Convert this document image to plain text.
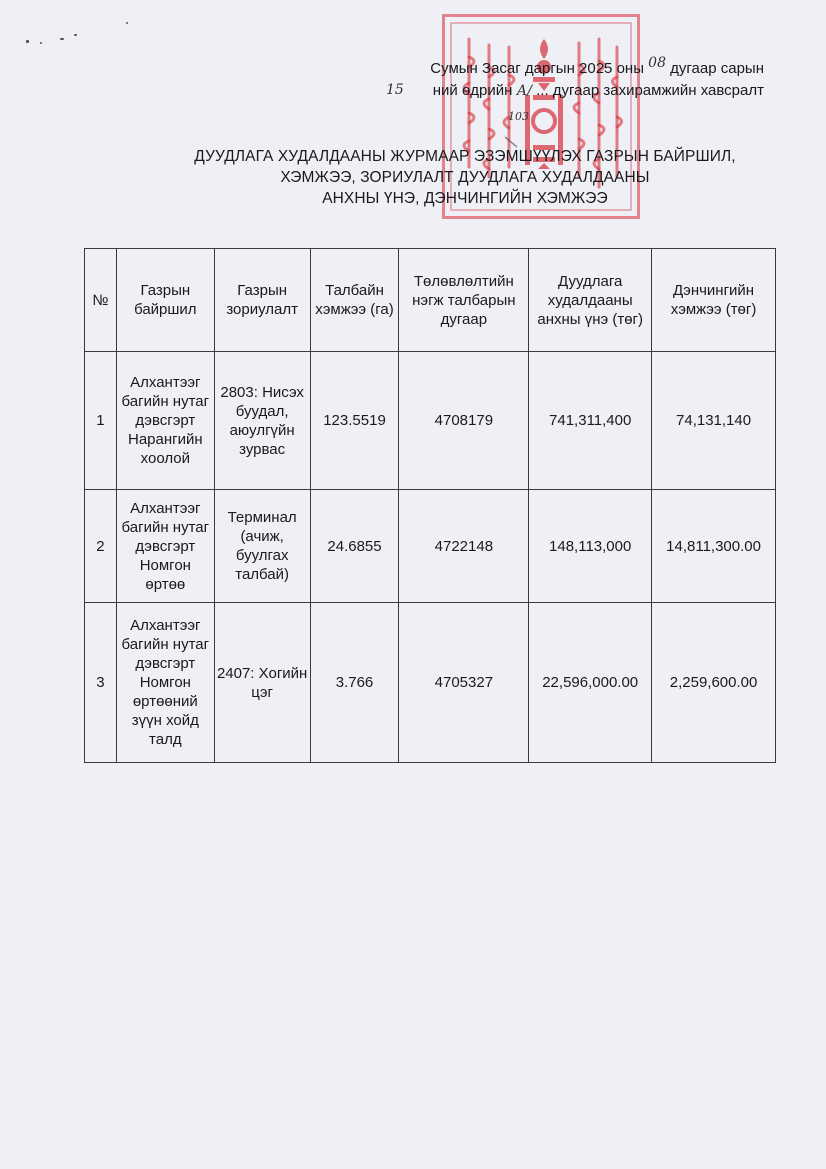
Сумын Засаг даргын 2025 оны 08 дугаар сарын
15 ний өдрийн А/ ... дугаар захирамжийн хавсралт
103
ДУУДЛАГА ХУДАЛДААНЫ ЖУРМААР ЭЗЭМШҮҮЛЭХ ГАЗРЫН БАЙРШИЛ,
ХЭМЖЭЭ, ЗОРИУЛАЛТ ДУУДЛАГА ХУДАЛДААНЫ
АНХНЫ ҮНЭ, ДЭНЧИНГИЙН ХЭМЖЭЭ
№	Газрын байршил	Газрын зориулалт	Талбайн хэмжээ (га)	Төлөвлөлтийн нэгж талбарын дугаар	Дуудлага худалдааны анхны үнэ (төг)	Дэнчингийн хэмжээ (төг)
1	Алхантээг багийн нутаг дэвсгэрт Нарангийн хоолой	2803: Нисэх буудал, аюулгүйн зурвас	123.5519	4708179	741,311,400	74,131,140
2	Алхантээг багийн нутаг дэвсгэрт Номгон өртөө	Терминал (ачиж, буулгах талбай)	24.6855	4722148	148,113,000	14,811,300.00
3	Алхантээг багийн нутаг дэвсгэрт Номгон өртөөний зүүн хойд талд	2407: Хогийн цэг	3.766	4705327	22,596,000.00	2,259,600.00
